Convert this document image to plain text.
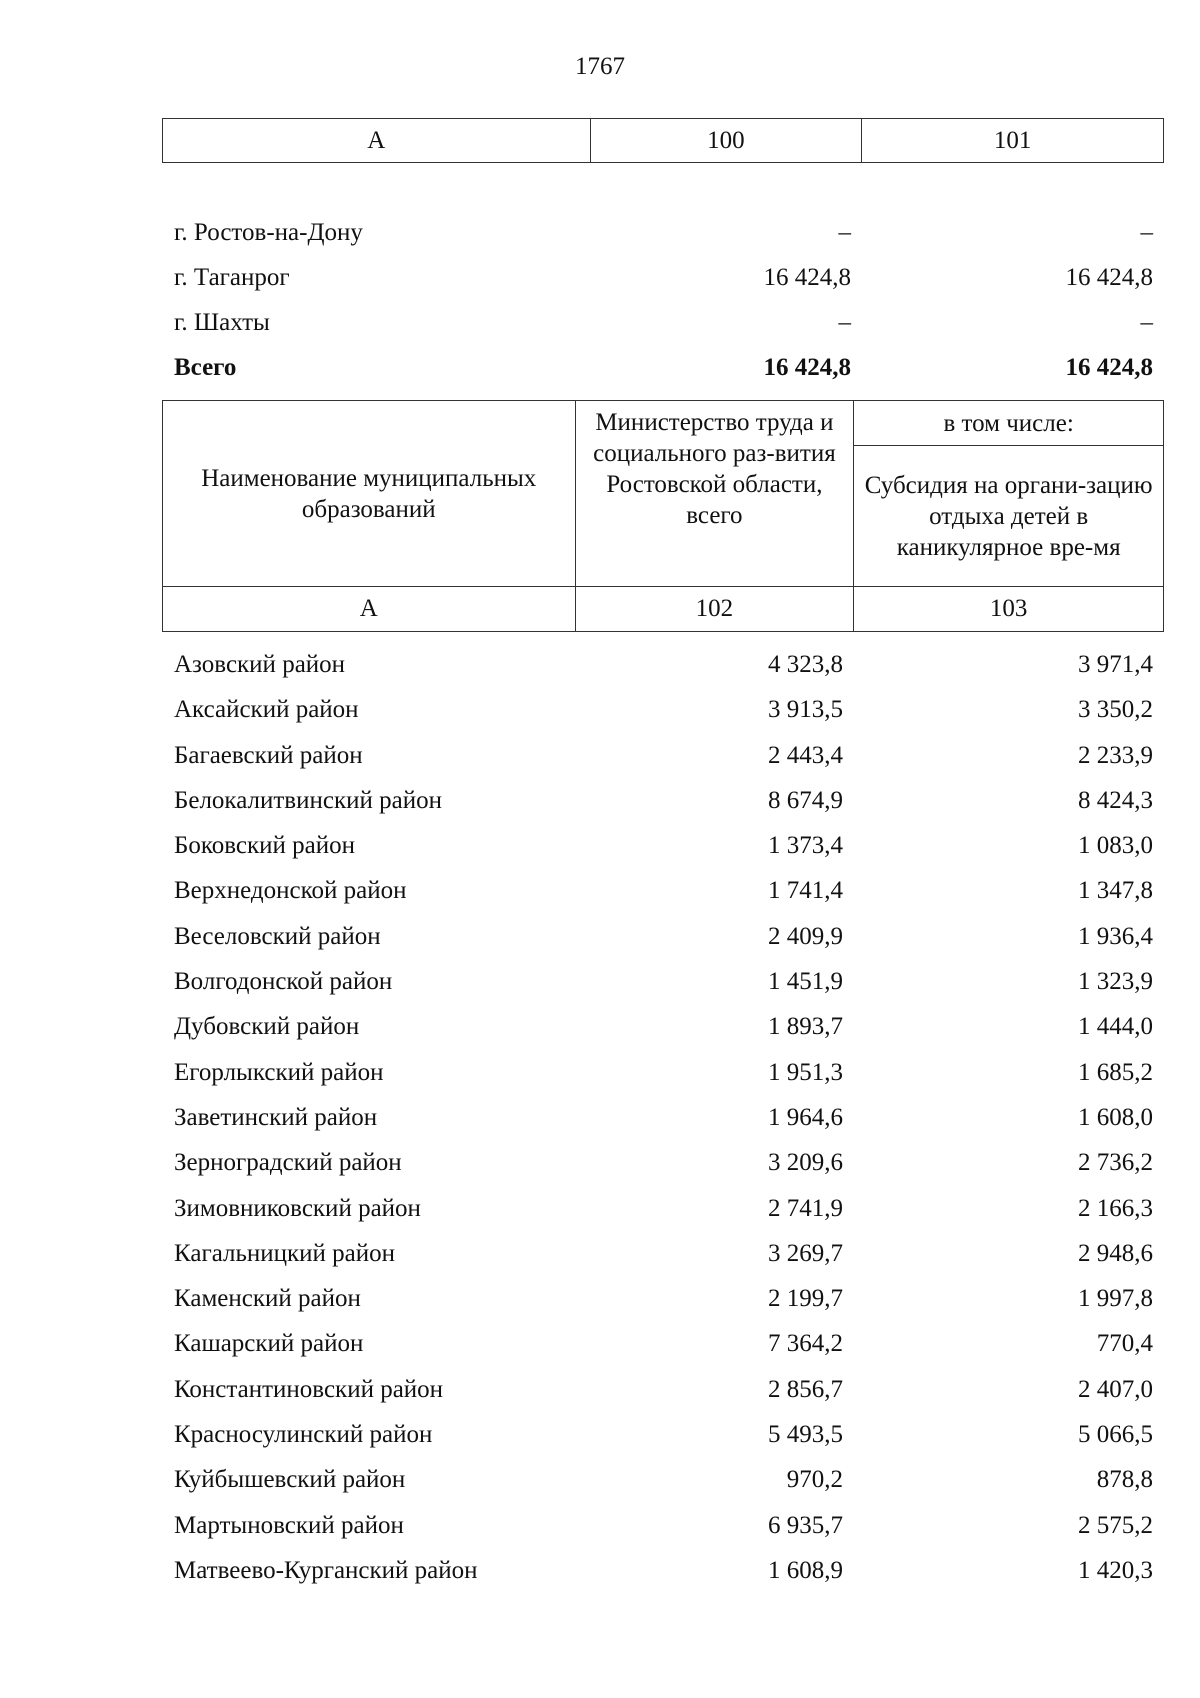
1767
А	100	101
г. Ростов-на-Дону	–	–
г. Таганрог	16 424,8	16 424,8
г. Шахты	–	–
Всего	16 424,8	16 424,8
Наименование муниципальных образований	Министерство труда и социального раз-вития Ростовской области, всего	в том числе:
		Субсидия на органи-зацию отдыха детей в каникулярное вре-мя
А	102	103
Азовский район	4 323,8	3 971,4
Аксайский район	3 913,5	3 350,2
Багаевский район	2 443,4	2 233,9
Белокалитвинский район	8 674,9	8 424,3
Боковский район	1 373,4	1 083,0
Верхнедонской район	1 741,4	1 347,8
Веселовский район	2 409,9	1 936,4
Волгодонской район	1 451,9	1 323,9
Дубовский район	1 893,7	1 444,0
Егорлыкский район	1 951,3	1 685,2
Заветинский район	1 964,6	1 608,0
Зерноградский район	3 209,6	2 736,2
Зимовниковский район	2 741,9	2 166,3
Кагальницкий район	3 269,7	2 948,6
Каменский район	2 199,7	1 997,8
Кашарский район	7 364,2	770,4
Константиновский район	2 856,7	2 407,0
Красносулинский район	5 493,5	5 066,5
Куйбышевский район	970,2	878,8
Мартыновский район	6 935,7	2 575,2
Матвеево-Курганский район	1 608,9	1 420,3
